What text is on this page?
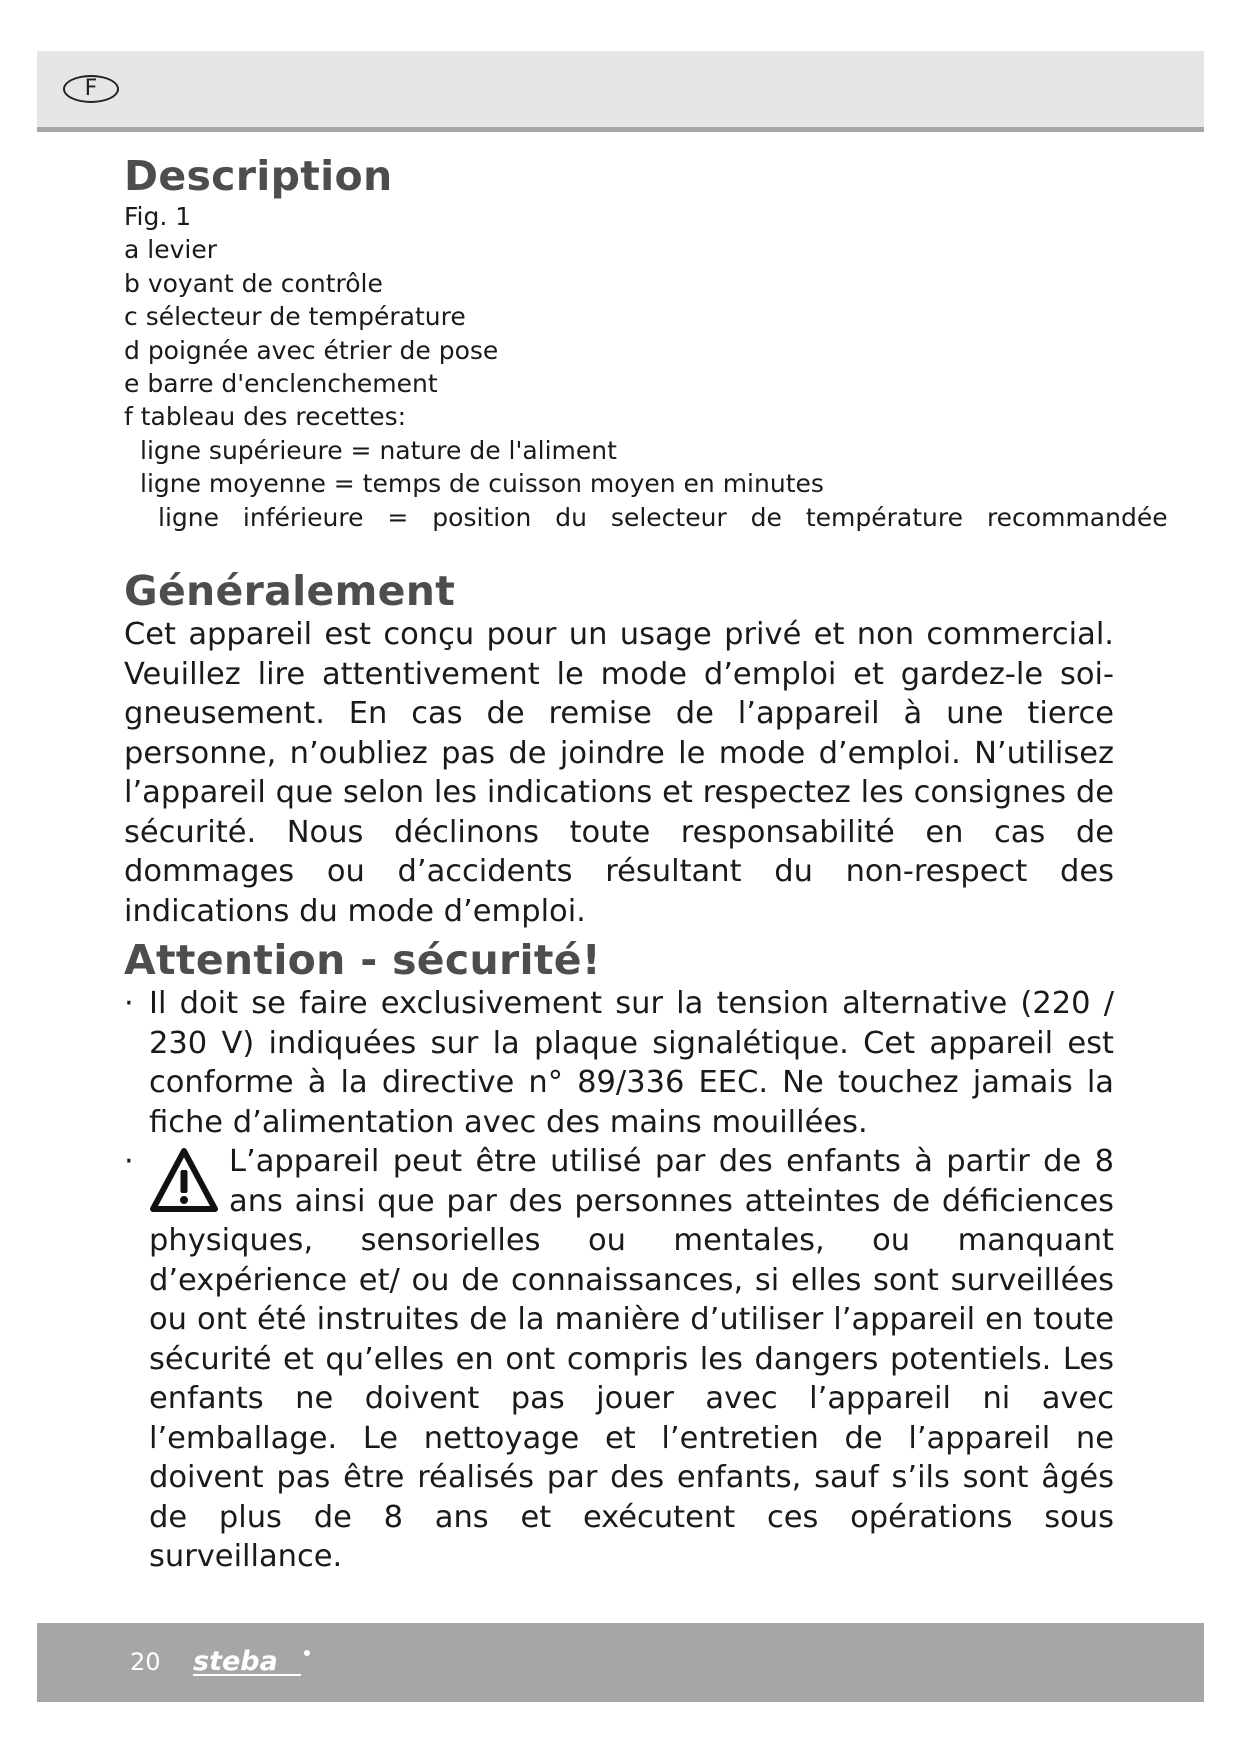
F
Description
Fig. 1
a levier
b voyant de contrôle
c sélecteur de température
d poignée avec étrier de pose
e barre d'enclenchement
f tableau des recettes:
ligne supérieure = nature de l'aliment
ligne moyenne = temps de cuisson moyen en minutes
ligne inférieure = position du selecteur de température recommandée
Généralement

Cet appareil est conçu pour un usage privé et non commercial. Veuillez lire attentivement le mode d’emploi et gardez-le soigneusement. En cas de remise de l’appareil à une tierce personne, n’oubliez pas de joindre le mode d’emploi. N’utilisez l’appareil que selon les indications et respectez les consignes de sécurité. Nous déclinons toute responsabilité en cas de dommages ou d’accidents résultant du non-respect des indications du mode d’emploi.

Attention - sécurité!
· Il doit se faire exclusivement sur la tension alternative (220 / 230 V) indiquées sur la plaque signalétique. Cet appareil est conforme à la directive n° 89/336 EEC. Ne touchez jamais la fiche d’alimentation avec des mains mouillées.

·	L’appareil peut être utilisé par des enfants à partir de 8 ans ainsi que par des personnes atteintes de déficiences physiques, sensorielles ou mentales, ou manquant d’expérience et/ ou de connaissances, si elles sont surveillées ou ont été instruites de la manière d’utiliser l’appareil en toute sécurité et qu’elles en ont compris les dangers potentiels. Les enfants ne doivent pas jouer avec l’appareil ni avec l’emballage. Le nettoyage et l’entretien de l’appareil ne doivent pas être réalisés par des enfants, sauf s’ils sont âgés de plus de 8 ans et exécutent ces opérations sous surveillance.

20 steba
